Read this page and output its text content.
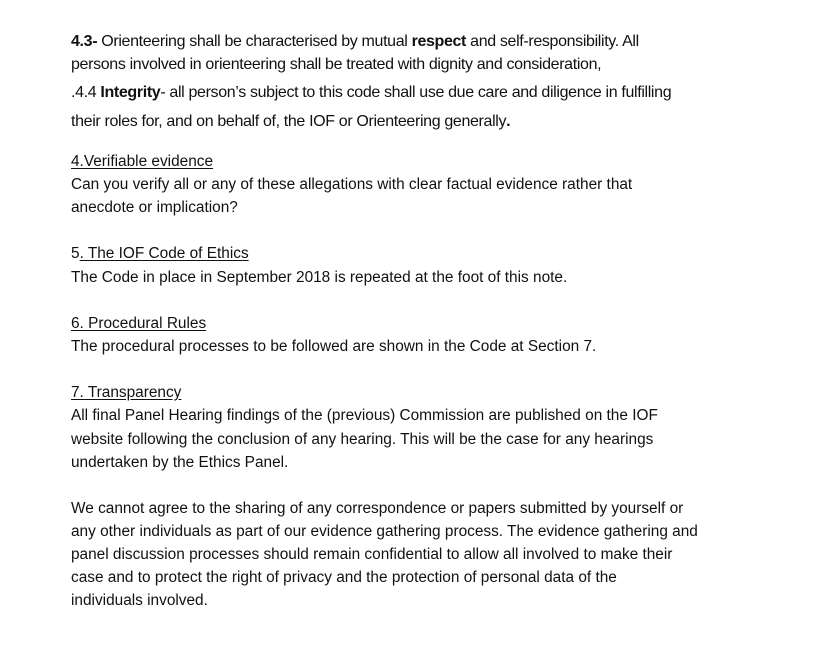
4.3- Orienteering shall be characterised by mutual respect and self-responsibility. All
persons involved in orienteering shall be treated with dignity and consideration,
.4.4 Integrity- all person’s subject to this code shall use due care and diligence in fulfilling
their roles for, and on behalf of, the IOF or Orienteering generally.
4.Verifiable evidence
Can you verify all or any of these allegations with clear factual evidence rather that
anecdote or implication?
5. The IOF Code of Ethics
The Code in place in September 2018 is repeated at the foot of this note.
6. Procedural Rules
The procedural processes to be followed are shown in the Code at Section 7.
7. Transparency
All final Panel Hearing findings of the (previous) Commission are published on the IOF
website following the conclusion of any hearing. This will be the case for any hearings
undertaken by the Ethics Panel.
We cannot agree to the sharing of any correspondence or papers submitted by yourself or
any other individuals as part of our evidence gathering process. The evidence gathering and
panel discussion processes should remain confidential to allow all involved to make their
case and to protect the right of privacy and the protection of personal data of the
individuals involved.
